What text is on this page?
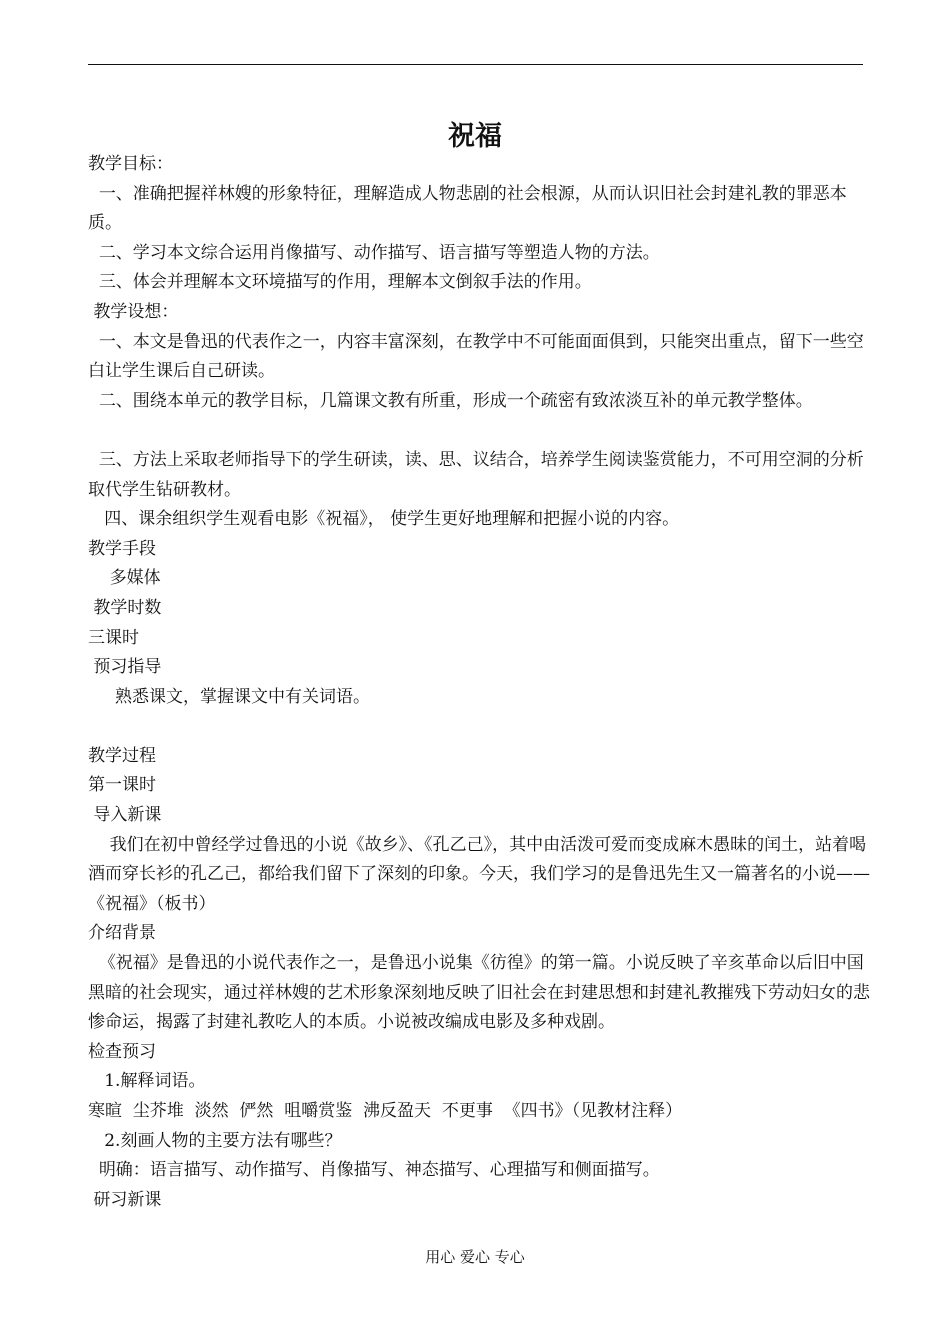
祝福

教学目标：

一、准确把握祥林嫂的形象特征，理解造成人物悲剧的社会根源，从而认识旧社会封建礼教的罪恶本质。

二、学习本文综合运用肖像描写、动作描写、语言描写等塑造人物的方法。

三、体会并理解本文环境描写的作用，理解本文倒叙手法的作用。

教学设想：

一、本文是鲁迅的代表作之一，内容丰富深刻，在教学中不可能面面俱到，只能突出重点，留下一些空白让学生课后自己研读。

二、围绕本单元的教学目标，几篇课文教有所重，形成一个疏密有致浓淡互补的单元教学整体。

三、方法上采取老师指导下的学生研读，读、思、议结合，培养学生阅读鉴赏能力，不可用空洞的分析取代学生钻研教材。

四、课余组织学生观看电影《祝福》， 使学生更好地理解和把握小说的内容。

教学手段

多媒体

教学时数

三课时

预习指导

熟悉课文，掌握课文中有关词语。

教学过程

第一课时

导入新课

我们在初中曾经学过鲁迅的小说《故乡》、《孔乙己》，其中由活泼可爱而变成麻木愚昧的闰土，站着喝酒而穿长衫的孔乙己，都给我们留下了深刻的印象。今天，我们学习的是鲁迅先生又一篇著名的小说——《祝福》（板书）

介绍背景

《祝福》是鲁迅的小说代表作之一，是鲁迅小说集《彷徨》的第一篇。小说反映了辛亥革命以后旧中国黑暗的社会现实，通过祥林嫂的艺术形象深刻地反映了旧社会在封建思想和封建礼教摧残下劳动妇女的悲惨命运，揭露了封建礼教吃人的本质。小说被改编成电影及多种戏剧。

检查预习

1.解释词语。

寒暄  尘芥堆  淡然  俨然  咀嚼赏鉴  沸反盈天  不更事  《四书》（见教材注释）

2.刻画人物的主要方法有哪些？

明确：语言描写、动作描写、肖像描写、神态描写、心理描写和侧面描写。

研习新课

用心 爱心 专心
